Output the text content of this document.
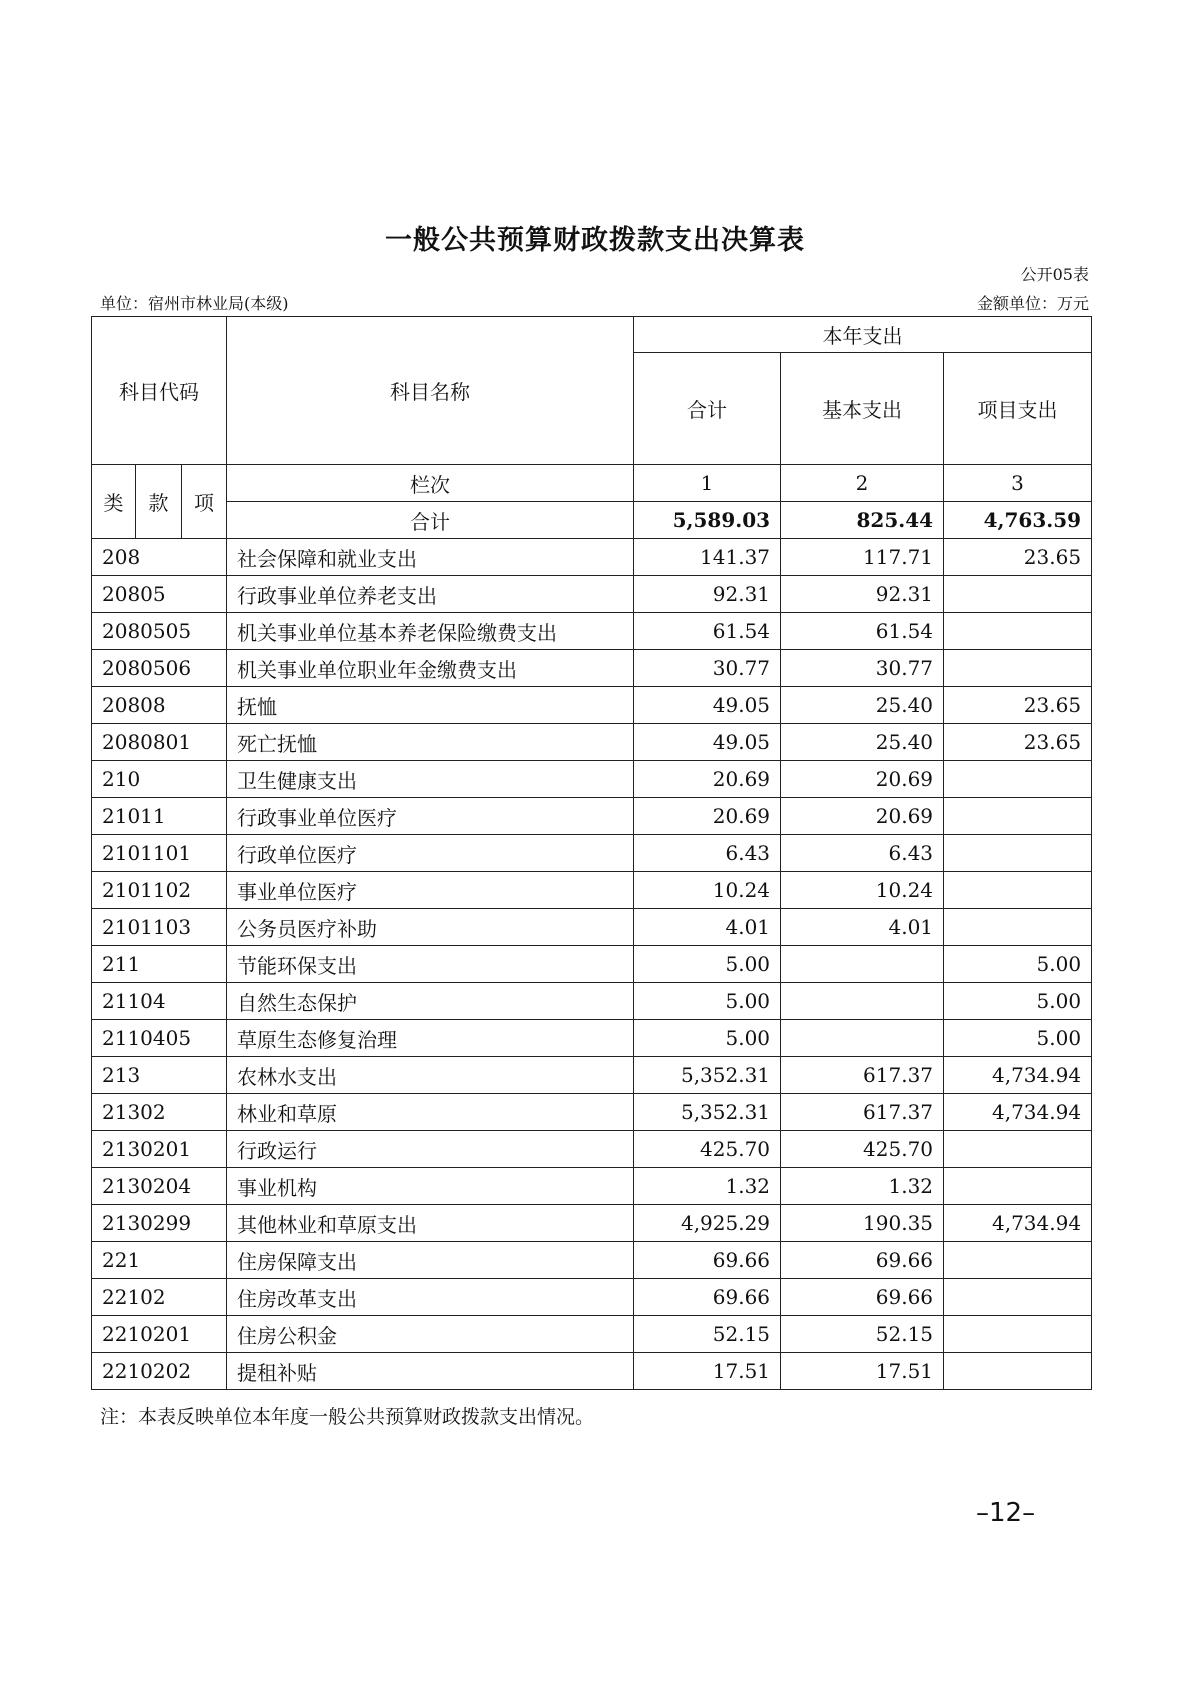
一般公共预算财政拨款支出决算表
公开05表
单位：宿州市林业局(本级)	金额单位：万元
科目代码			科目名称	本年支出		
				合计	基本支出	项目支出
类	款	项	栏次	1	2	3
			合计	5,589.03	825.44	4,763.59
208			社会保障和就业支出	141.37	117.71	23.65
20805			行政事业单位养老支出	92.31	92.31	
2080505			机关事业单位基本养老保险缴费支出	61.54	61.54	
2080506			机关事业单位职业年金缴费支出	30.77	30.77	
20808			抚恤	49.05	25.40	23.65
2080801			死亡抚恤	49.05	25.40	23.65
210			卫生健康支出	20.69	20.69	
21011			行政事业单位医疗	20.69	20.69	
2101101			行政单位医疗	6.43	6.43	
2101102			事业单位医疗	10.24	10.24	
2101103			公务员医疗补助	4.01	4.01	
211			节能环保支出	5.00		5.00
21104			自然生态保护	5.00		5.00
2110405			草原生态修复治理	5.00		5.00
213			农林水支出	5,352.31	617.37	4,734.94
21302			林业和草原	5,352.31	617.37	4,734.94
2130201			行政运行	425.70	425.70	
2130204			事业机构	1.32	1.32	
2130299			其他林业和草原支出	4,925.29	190.35	4,734.94
221			住房保障支出	69.66	69.66	
22102			住房改革支出	69.66	69.66	
2210201			住房公积金	52.15	52.15	
2210202			提租补贴	17.51	17.51	
注：本表反映单位本年度一般公共预算财政拨款支出情况。
–12–
